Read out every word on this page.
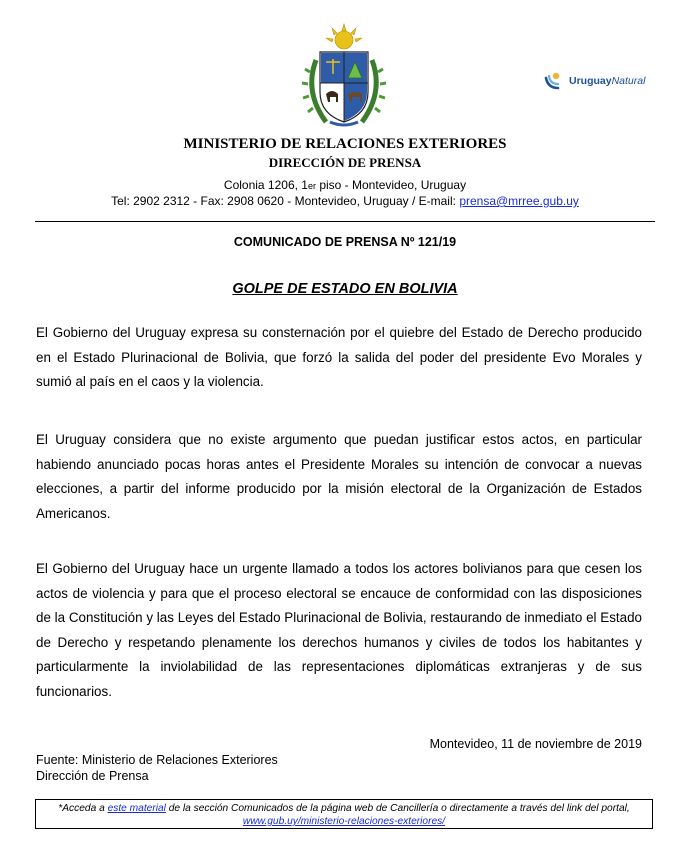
UruguayNatural
MINISTERIO DE RELACIONES EXTERIORES
DIRECCIÓN DE PRENSA
Colonia 1206, 1er piso - Montevideo, Uruguay
Tel: 2902 2312 - Fax: 2908 0620 - Montevideo, Uruguay / E-mail: prensa@mrree.gub.uy
COMUNICADO DE PRENSA Nº 121/19
GOLPE DE ESTADO EN BOLIVIA
El Gobierno del Uruguay expresa su consternación por el quiebre del Estado de Derecho producido en el Estado Plurinacional de Bolivia, que forzó la salida del poder del presidente Evo Morales y sumió al país en el caos y la violencia.
El Uruguay considera que no existe argumento que puedan justificar estos actos, en particular habiendo anunciado pocas horas antes el Presidente Morales su intención de convocar a nuevas elecciones, a partir del informe producido por la misión electoral de la Organización de Estados Americanos.
El Gobierno del Uruguay hace un urgente llamado a todos los actores bolivianos para que cesen los actos de violencia y para que el proceso electoral se encauce de conformidad con las disposiciones de la Constitución y las Leyes del Estado Plurinacional de Bolivia, restaurando de inmediato el Estado de Derecho y respetando plenamente los derechos humanos y civiles de todos los habitantes y particularmente la inviolabilidad de las representaciones diplomáticas extranjeras y de sus funcionarios.
Montevideo, 11 de noviembre de 2019
Fuente: Ministerio de Relaciones Exteriores
Dirección de Prensa
*Acceda a este material de la sección Comunicados de la página web de Cancillería o directamente a través del link del portal, www.gub.uy/ministerio-relaciones-exteriores/
